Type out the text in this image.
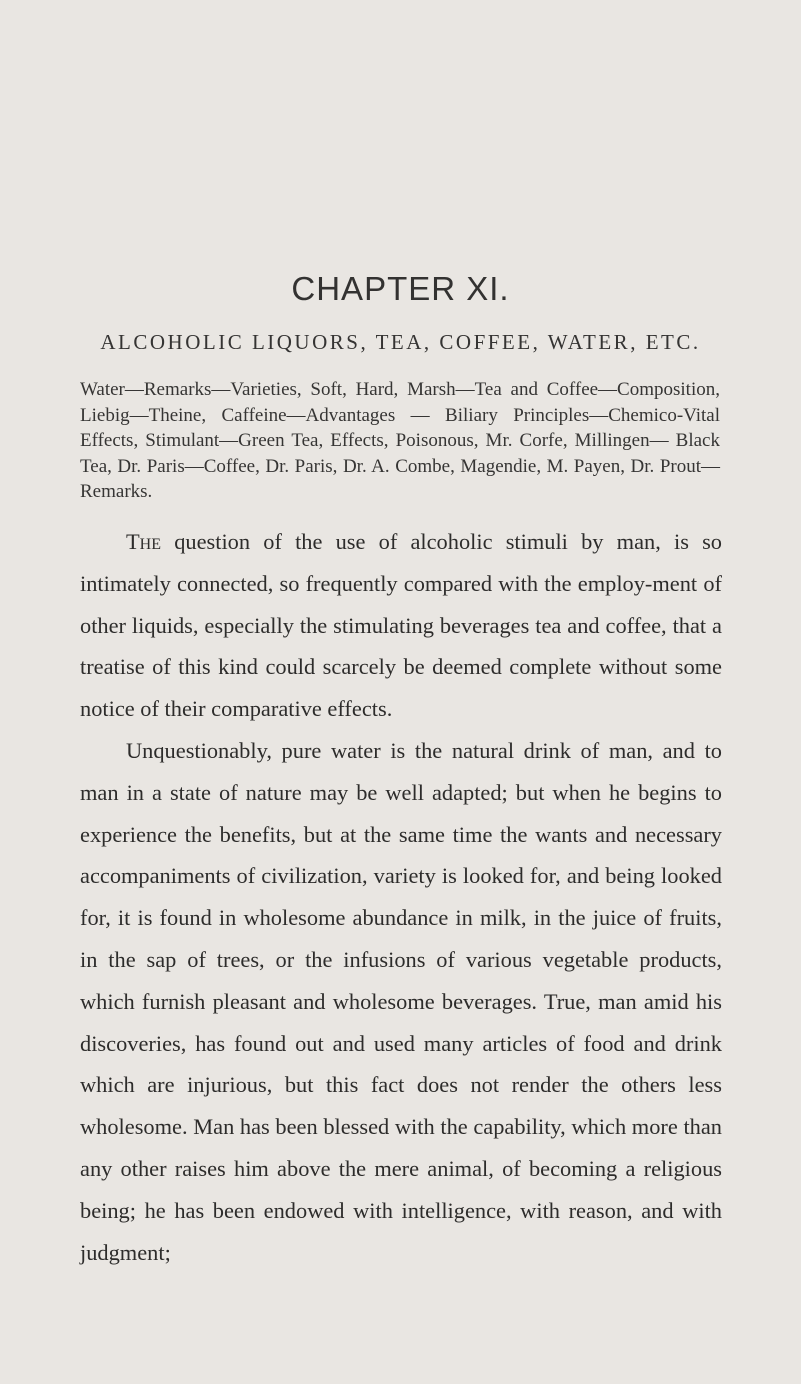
CHAPTER XI.
ALCOHOLIC LIQUORS, TEA, COFFEE, WATER, ETC.
Water—Remarks—Varieties, Soft, Hard, Marsh—Tea and Coffee—Composition, Liebig—Theine, Caffeine—Advantages — Biliary Principles—Chemico-Vital Effects, Stimulant—Green Tea, Effects, Poisonous, Mr. Corfe, Millingen— Black Tea, Dr. Paris—Coffee, Dr. Paris, Dr. A. Combe, Magendie, M. Payen, Dr. Prout—Remarks.

The question of the use of alcoholic stimuli by man, is so intimately connected, so frequently compared with the employ-ment of other liquids, especially the stimulating beverages tea and coffee, that a treatise of this kind could scarcely be deemed complete without some notice of their comparative effects.

Unquestionably, pure water is the natural drink of man, and to man in a state of nature may be well adapted; but when he begins to experience the benefits, but at the same time the wants and necessary accompaniments of civilization, variety is looked for, and being looked for, it is found in wholesome abundance in milk, in the juice of fruits, in the sap of trees, or the infusions of various vegetable products, which furnish pleasant and wholesome beverages. True, man amid his discoveries, has found out and used many articles of food and drink which are injurious, but this fact does not render the others less wholesome. Man has been blessed with the capability, which more than any other raises him above the mere animal, of becoming a religious being; he has been endowed with intelligence, with reason, and with judgment;
